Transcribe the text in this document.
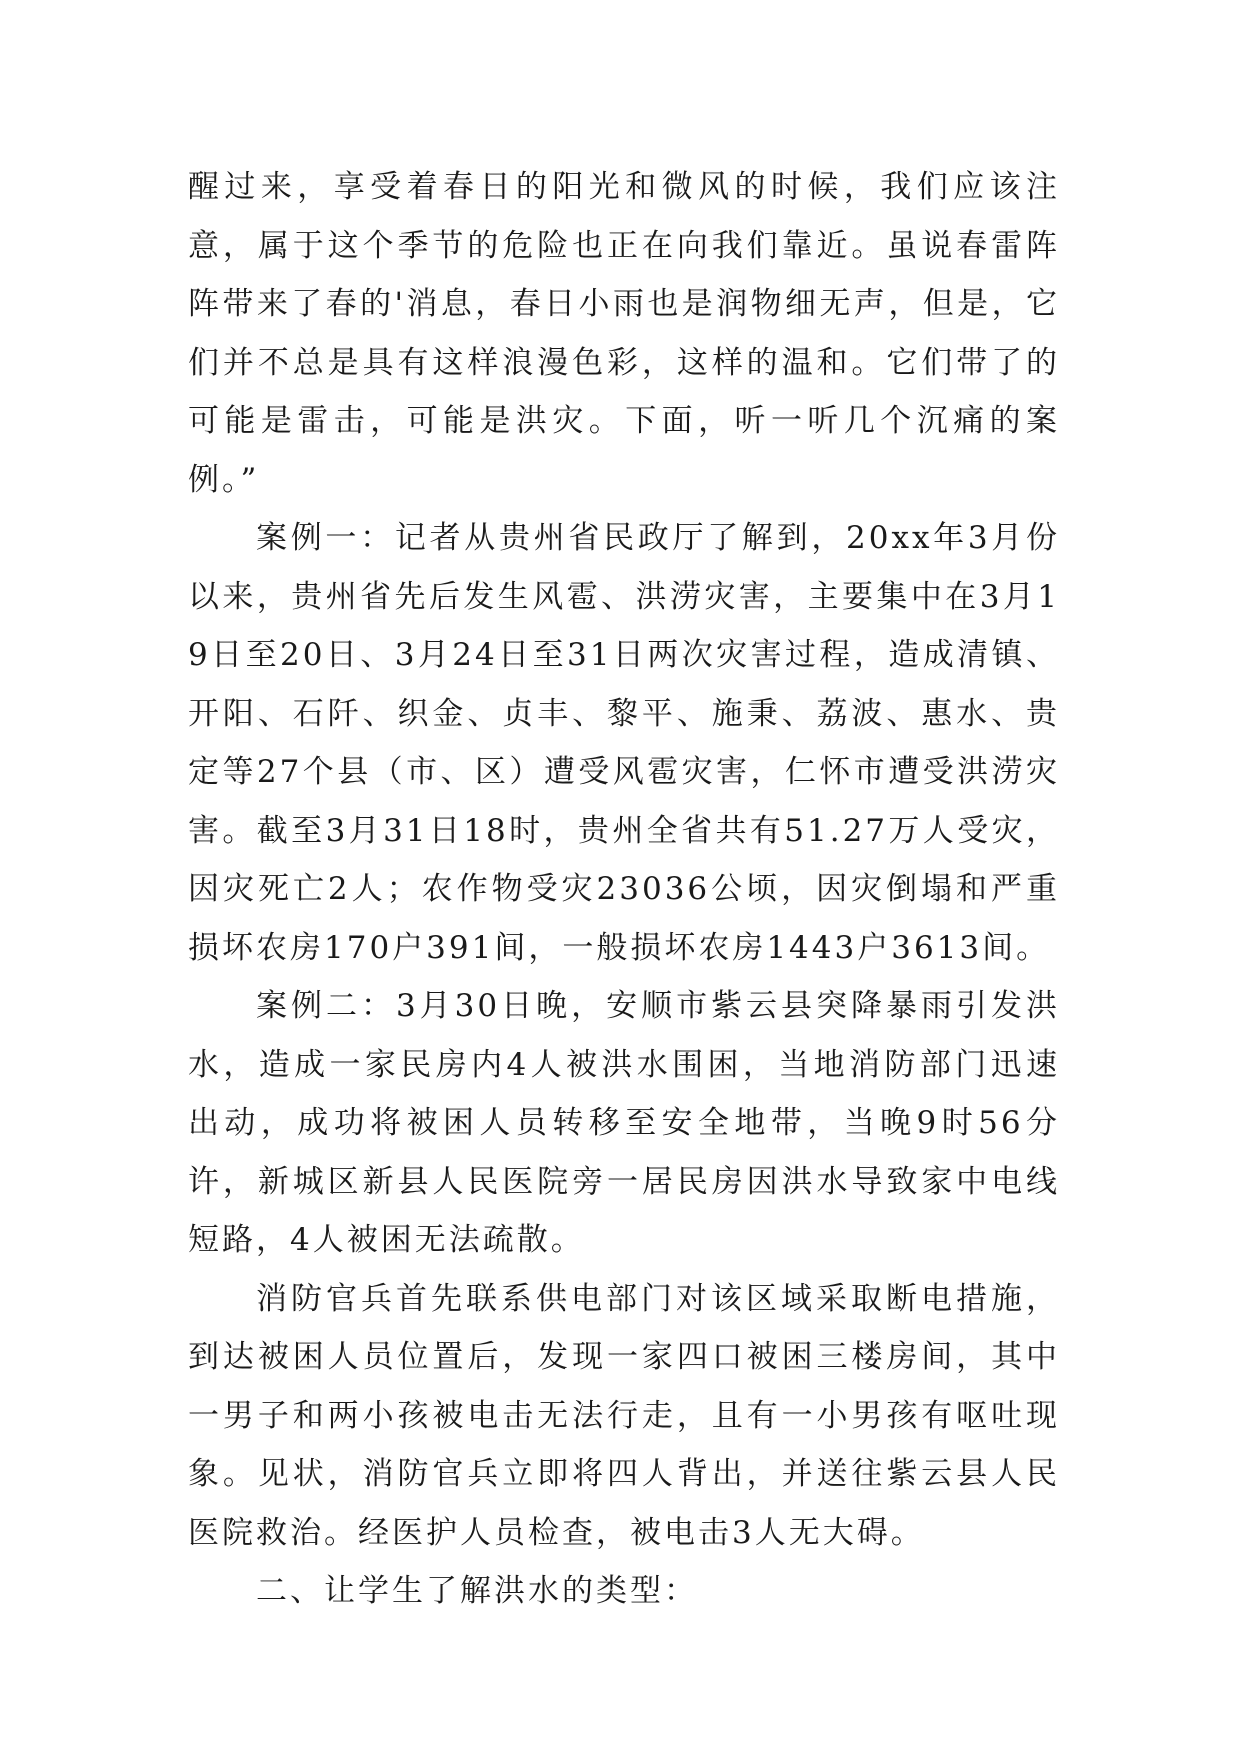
醒过来，享受着春日的阳光和微风的时候，我们应该注意，属于这个季节的危险也正在向我们靠近。虽说春雷阵阵带来了春的'消息，春日小雨也是润物细无声，但是，它们并不总是具有这样浪漫色彩，这样的温和。它们带了的可能是雷击，可能是洪灾。下面，听一听几个沉痛的案例。”

案例一：记者从贵州省民政厅了解到，20xx年3月份以来，贵州省先后发生风雹、洪涝灾害，主要集中在3月19日至20日、3月24日至31日两次灾害过程，造成清镇、开阳、石阡、织金、贞丰、黎平、施秉、荔波、惠水、贵定等27个县（市、区）遭受风雹灾害，仁怀市遭受洪涝灾害。截至3月31日18时，贵州全省共有51.27万人受灾，因灾死亡2人；农作物受灾23036公顷，因灾倒塌和严重损坏农房170户391间，一般损坏农房1443户3613间。

案例二：3月30日晚，安顺市紫云县突降暴雨引发洪水，造成一家民房内4人被洪水围困，当地消防部门迅速出动，成功将被困人员转移至安全地带，当晚9时56分许，新城区新县人民医院旁一居民房因洪水导致家中电线短路，4人被困无法疏散。

消防官兵首先联系供电部门对该区域采取断电措施，到达被困人员位置后，发现一家四口被困三楼房间，其中一男子和两小孩被电击无法行走，且有一小男孩有呕吐现象。见状，消防官兵立即将四人背出，并送往紫云县人民医院救治。经医护人员检查，被电击3人无大碍。

二、让学生了解洪水的类型：
